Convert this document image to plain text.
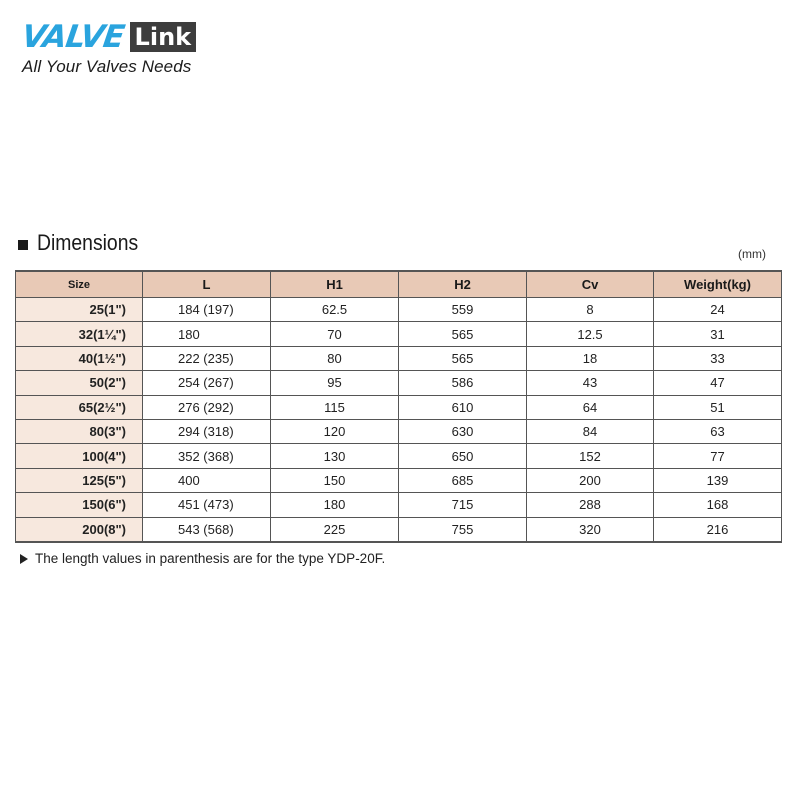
VALVE Link
All Your Valves Needs
Dimensions	(mm)
Size	L	H1	H2	Cv	Weight(kg)
25(1")	184 (197)	62.5	559	8	24
32(1¼")	180	70	565	12.5	31
40(1½")	222 (235)	80	565	18	33
50(2")	254 (267)	95	586	43	47
65(2½")	276 (292)	115	610	64	51
80(3")	294 (318)	120	630	84	63
100(4")	352 (368)	130	650	152	77
125(5")	400	150	685	200	139
150(6")	451 (473)	180	715	288	168
200(8")	543 (568)	225	755	320	216
The length values in parenthesis are for the type YDP-20F.
